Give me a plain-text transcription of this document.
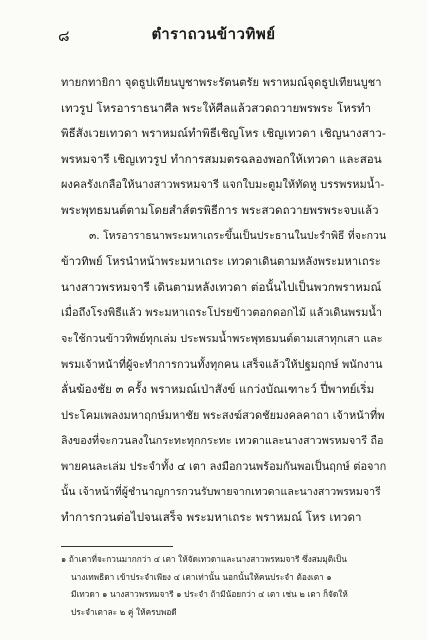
๘	ตำราถวนข้าวทิพย์
ทายกทายิกา จุดธูปเทียนบูชาพระรัตนตรัย พราหมณ์จุดธูปเทียนบูชา
เทวรูป โหรอาราธนาศีล พระให้ศีลแล้วสวดถวายพรพระ โหรทำ
พิธีสังเวยเทวดา พราหมณ์ทำพิธีเชิญโหร เชิญเทวดา เชิญนางสาว-
พรหมจารี เชิญเทวรูป ทำการสมมตรฉลองพอกให้เทวดา และสอน
ผงคลรังเกลือให้นางสาวพรหมจารี แจกใบมะตูมให้ทัดหู บรรพรหมน้ำ-
พระพุทธมนต์ตามโดยสำส์ตรพิธีการ พระสวดถวายพรพระจบแล้ว
๓. โหรอาราธนาพระมหาเถระขึ้นเป็นประธานในปะรำพิธี ที่จะกวน
ข้าวทิพย์ โหรนำหน้าพระมหาเถระ เทวดาเดินตามหลังพระมหาเถระ
นางสาวพรหมจารี เดินตามหลังเทวดา ต่อนั้นไปเป็นพวกพราหมณ์
เมื่อถึงโรงพิธีแล้ว พระมหาเถระโปรยข้าวตอกดอกไม้ แล้วเดินพรมน้ำ
จะใช้กวนข้าวทิพย์ทุกเล่ม ประพรมน้ำพระพุทธมนต์ตามเสาทุกเสา และ
พรมเจ้าหน้าที่ผู้จะทำการกวนทั้งทุกคน เสร็จแล้วให้ปฐมฤกษ์ พนักงาน
ลั่นฆ้องชัย ๓ ครั้ง พราหมณ์เป่าสังข์ แกว่งบัณเฑาะว์ ปี่พาทย์เริ่ม
ประโคมเพลงมหาฤกษ์มหาชัย พระสงฆ์สวดชัยมงคลคาถา เจ้าหน้าที่พ
ลิงของที่จะกวนลงในกระทะทุกกระทะ เทวดาและนางสาวพรหมจารี ถือ
พายคนละเล่ม ประจำทั้ง ๔ เตา ลงมือกวนพร้อมกันพอเป็นฤกษ์ ต่อจาก
นั้น เจ้าหน้าที่ผู้ชำนาญการกวนรับพายจากเทวดาและนางสาวพรหมจารี
ทำการกวนต่อไปจนเสร็จ พระมหาเถระ พราหมณ์ โหร เทวดา
๑ ถ้าเตาที่จะกวนมากกว่า ๔ เตา ให้จัดเทวดาและนางสาวพรหมจารี ซึ่งสมมุติเป็น
นางเทพธิดา เข้าประจำเพียง ๔ เตาเท่านั้น นอกนั้นให้คนประจำ ต้องเตา ๑
มีเทวดา ๑ นางสาวพรหมจารี ๑ ประจำ ถ้ามีน้อยกว่า ๔ เตา เช่น ๒ เตา ก็จัดให้
ประจำเตาละ ๒ คู่ ให้ครบพอดี
